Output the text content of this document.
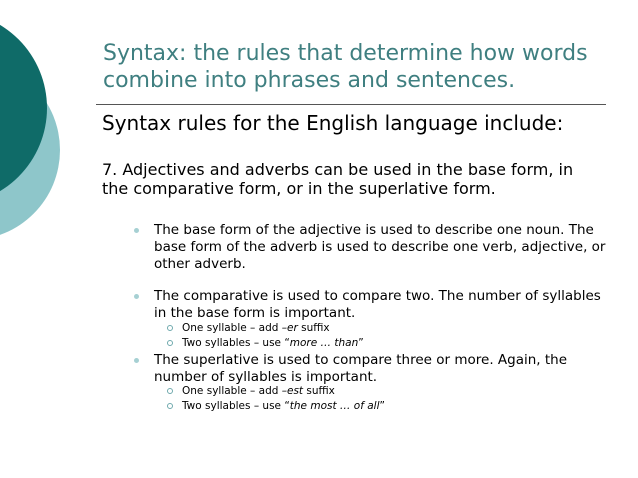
Syntax: the rules that determine how words combine into phrases and sentences.
Syntax rules for the English language include:
7. Adjectives and adverbs can be used in the base form, in the comparative form, or in the superlative form.
The base form of the adjective is used to describe one noun. The base form of the adverb is used to describe one verb, adjective, or other adverb.
The comparative is used to compare two. The number of syllables in the base form is important.
One syllable – add –er suffix
Two syllables – use “more … than”
The superlative is used to compare three or more. Again, the number of syllables is important.
One syllable – add –est suffix
Two syllables – use “the most … of all”
